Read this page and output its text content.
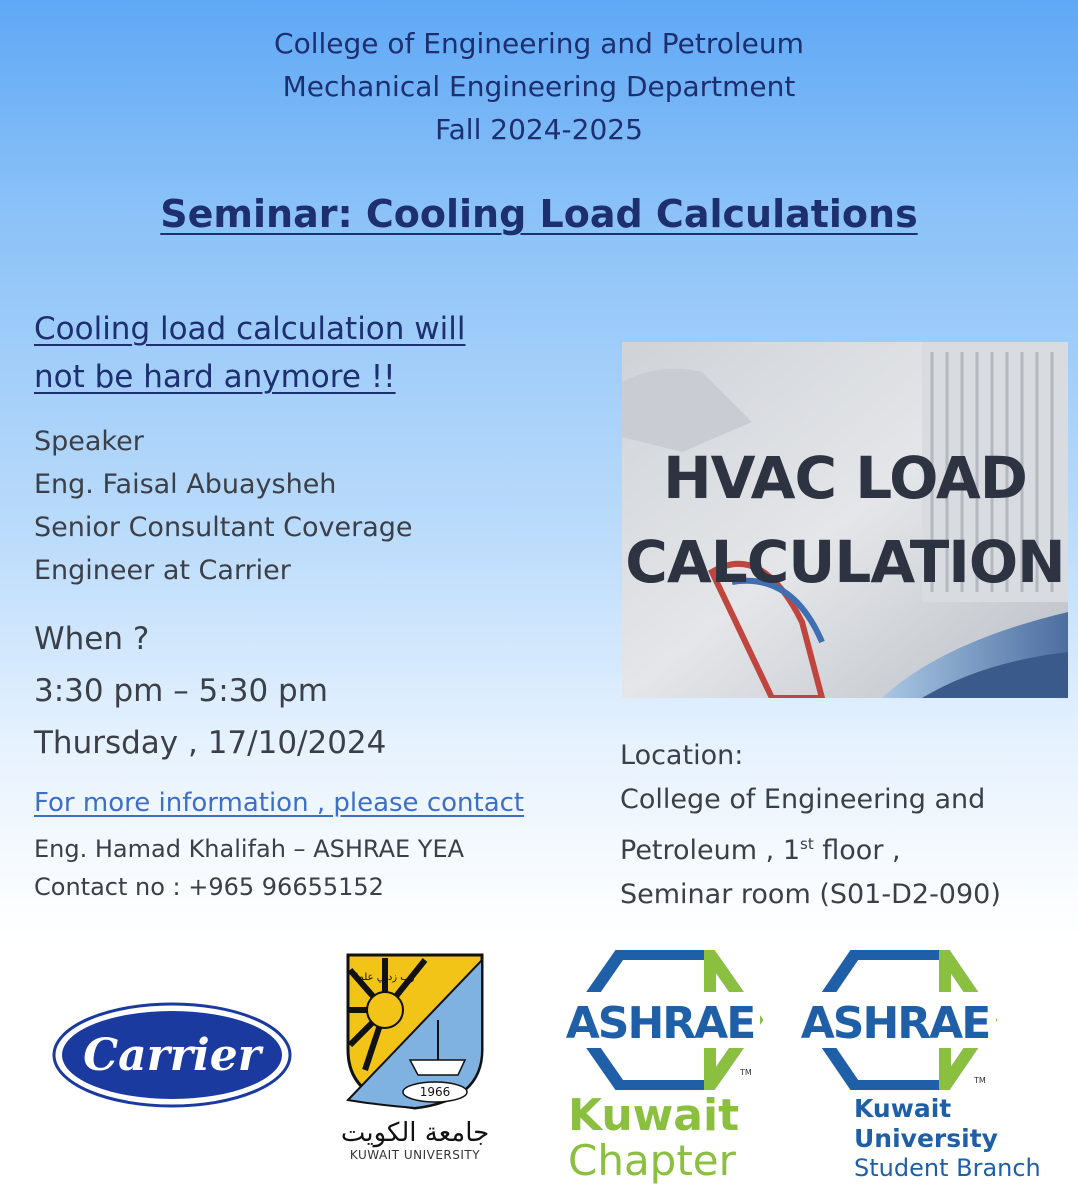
College of Engineering and Petroleum
Mechanical Engineering Department
Fall 2024-2025
Seminar: Cooling Load Calculations
Cooling load calculation will
not be hard anymore !!
Speaker
Eng. Faisal Abuaysheh
Senior Consultant Coverage
Engineer at Carrier
When ?
3:30 pm – 5:30 pm
Thursday , 17/10/2024
For more information , please contact
Eng. Hamad Khalifah – ASHRAE YEA
Contact no : +965 96655152
HVAC LOAD
CALCULATION
Location:
College of Engineering and
Petroleum , 1st floor ,
Seminar room (S01-D2-090)
Carrier
1966
رب زدني علما
جامعة الكويت
KUWAIT UNIVERSITY
ASHRAE
TM
Kuwait
Chapter
ASHRAE
TM
Kuwait University
Student Branch
